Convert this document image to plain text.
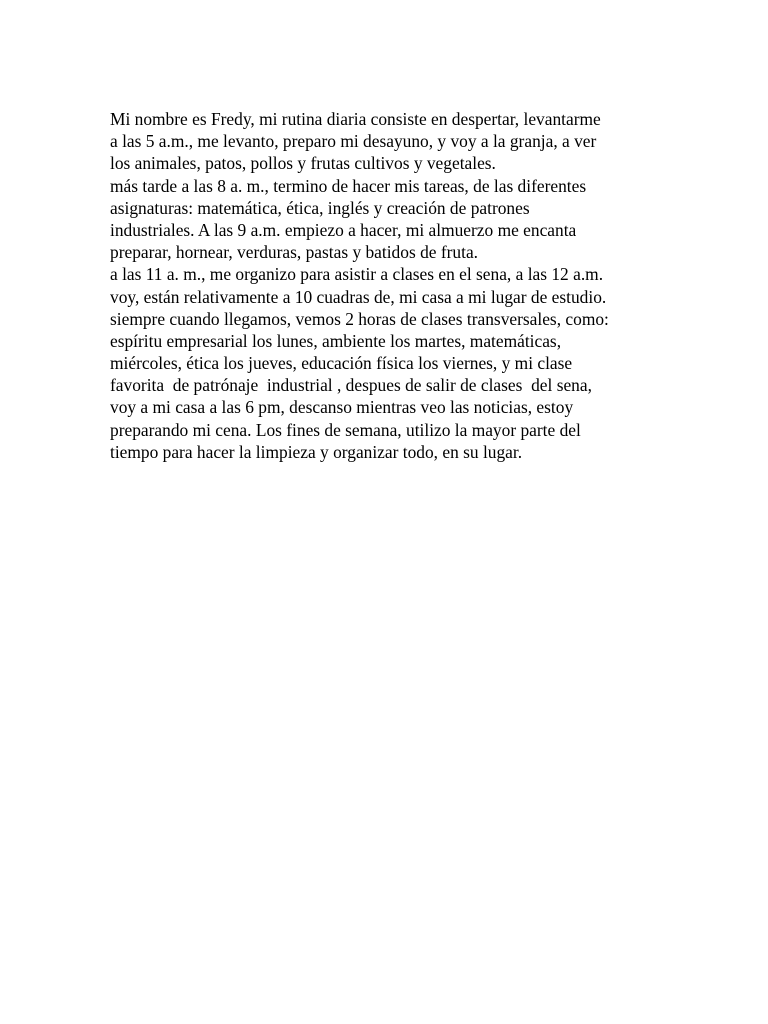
Mi nombre es Fredy, mi rutina diaria consiste en despertar, levantarme
a las 5 a.m., me levanto, preparo mi desayuno, y voy a la granja, a ver
los animales, patos, pollos y frutas cultivos y vegetales.
más tarde a las 8 a. m., termino de hacer mis tareas, de las diferentes
asignaturas: matemática, ética, inglés y creación de patrones
industriales. A las 9 a.m. empiezo a hacer, mi almuerzo me encanta
preparar, hornear, verduras, pastas y batidos de fruta.
a las 11 a. m., me organizo para asistir a clases en el sena, a las 12 a.m.
voy, están relativamente a 10 cuadras de, mi casa a mi lugar de estudio.
siempre cuando llegamos, vemos 2 horas de clases transversales, como:
espíritu empresarial los lunes, ambiente los martes, matemáticas,
miércoles, ética los jueves, educación física los viernes, y mi clase
favorita  de patrónaje  industrial , despues de salir de clases  del sena,
voy a mi casa a las 6 pm, descanso mientras veo las noticias, estoy
preparando mi cena. Los fines de semana, utilizo la mayor parte del
tiempo para hacer la limpieza y organizar todo, en su lugar.
